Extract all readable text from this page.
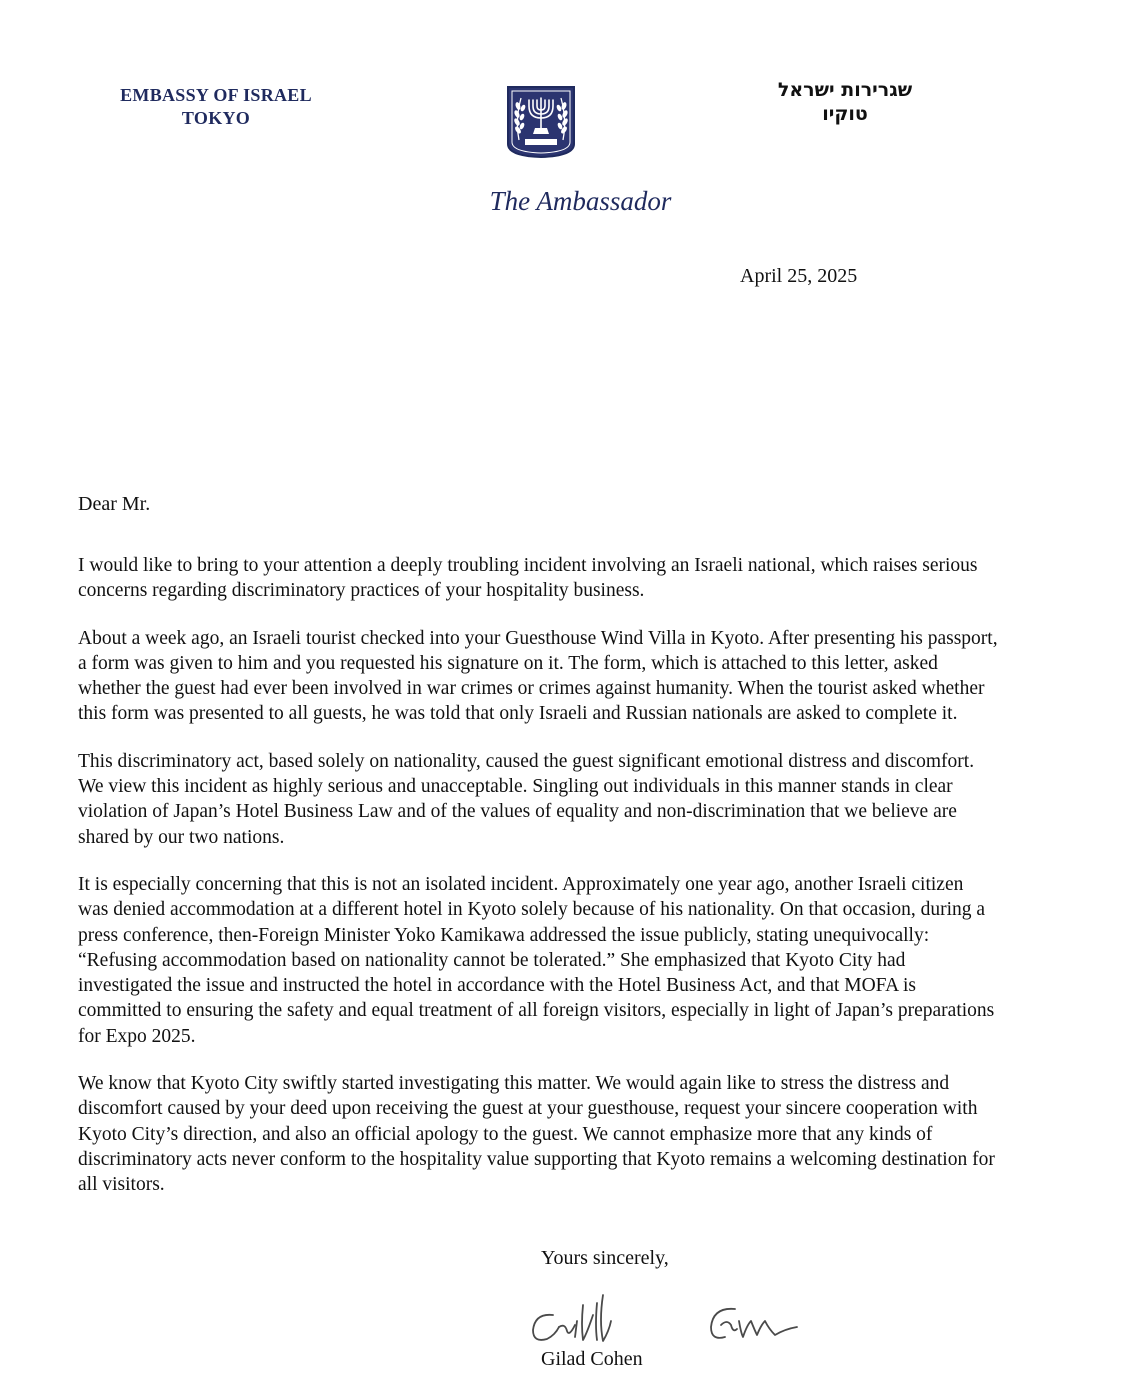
EMBASSY OF ISRAEL
TOKYO
שגרירות ישראל
טוקיו
The Ambassador
April 25, 2025
Dear Mr.

I would like to bring to your attention a deeply troubling incident involving an Israeli national, which raises serious concerns regarding discriminatory practices of your hospitality business.

About a week ago, an Israeli tourist checked into your Guesthouse Wind Villa in Kyoto. After presenting his passport, a form was given to him and you requested his signature on it. The form, which is attached to this letter, asked whether the guest had ever been involved in war crimes or crimes against humanity. When the tourist asked whether this form was presented to all guests, he was told that only Israeli and Russian nationals are asked to complete it.

This discriminatory act, based solely on nationality, caused the guest significant emotional distress and discomfort. We view this incident as highly serious and unacceptable. Singling out individuals in this manner stands in clear violation of Japan’s Hotel Business Law and of the values of equality and non-discrimination that we believe are shared by our two nations.

It is especially concerning that this is not an isolated incident. Approximately one year ago, another Israeli citizen was denied accommodation at a different hotel in Kyoto solely because of his nationality. On that occasion, during a press conference, then-Foreign Minister Yoko Kamikawa addressed the issue publicly, stating unequivocally: “Refusing accommodation based on nationality cannot be tolerated.” She emphasized that Kyoto City had investigated the issue and instructed the hotel in accordance with the Hotel Business Act, and that MOFA is committed to ensuring the safety and equal treatment of all foreign visitors, especially in light of Japan’s preparations for Expo 2025.

We know that Kyoto City swiftly started investigating this matter. We would again like to stress the distress and discomfort caused by your deed upon receiving the guest at your guesthouse, request your sincere cooperation with Kyoto City’s direction, and also an official apology to the guest. We cannot emphasize more that any kinds of discriminatory acts never conform to the hospitality value supporting that Kyoto remains a welcoming destination for all visitors.

Yours sincerely,
Gilad Cohen
